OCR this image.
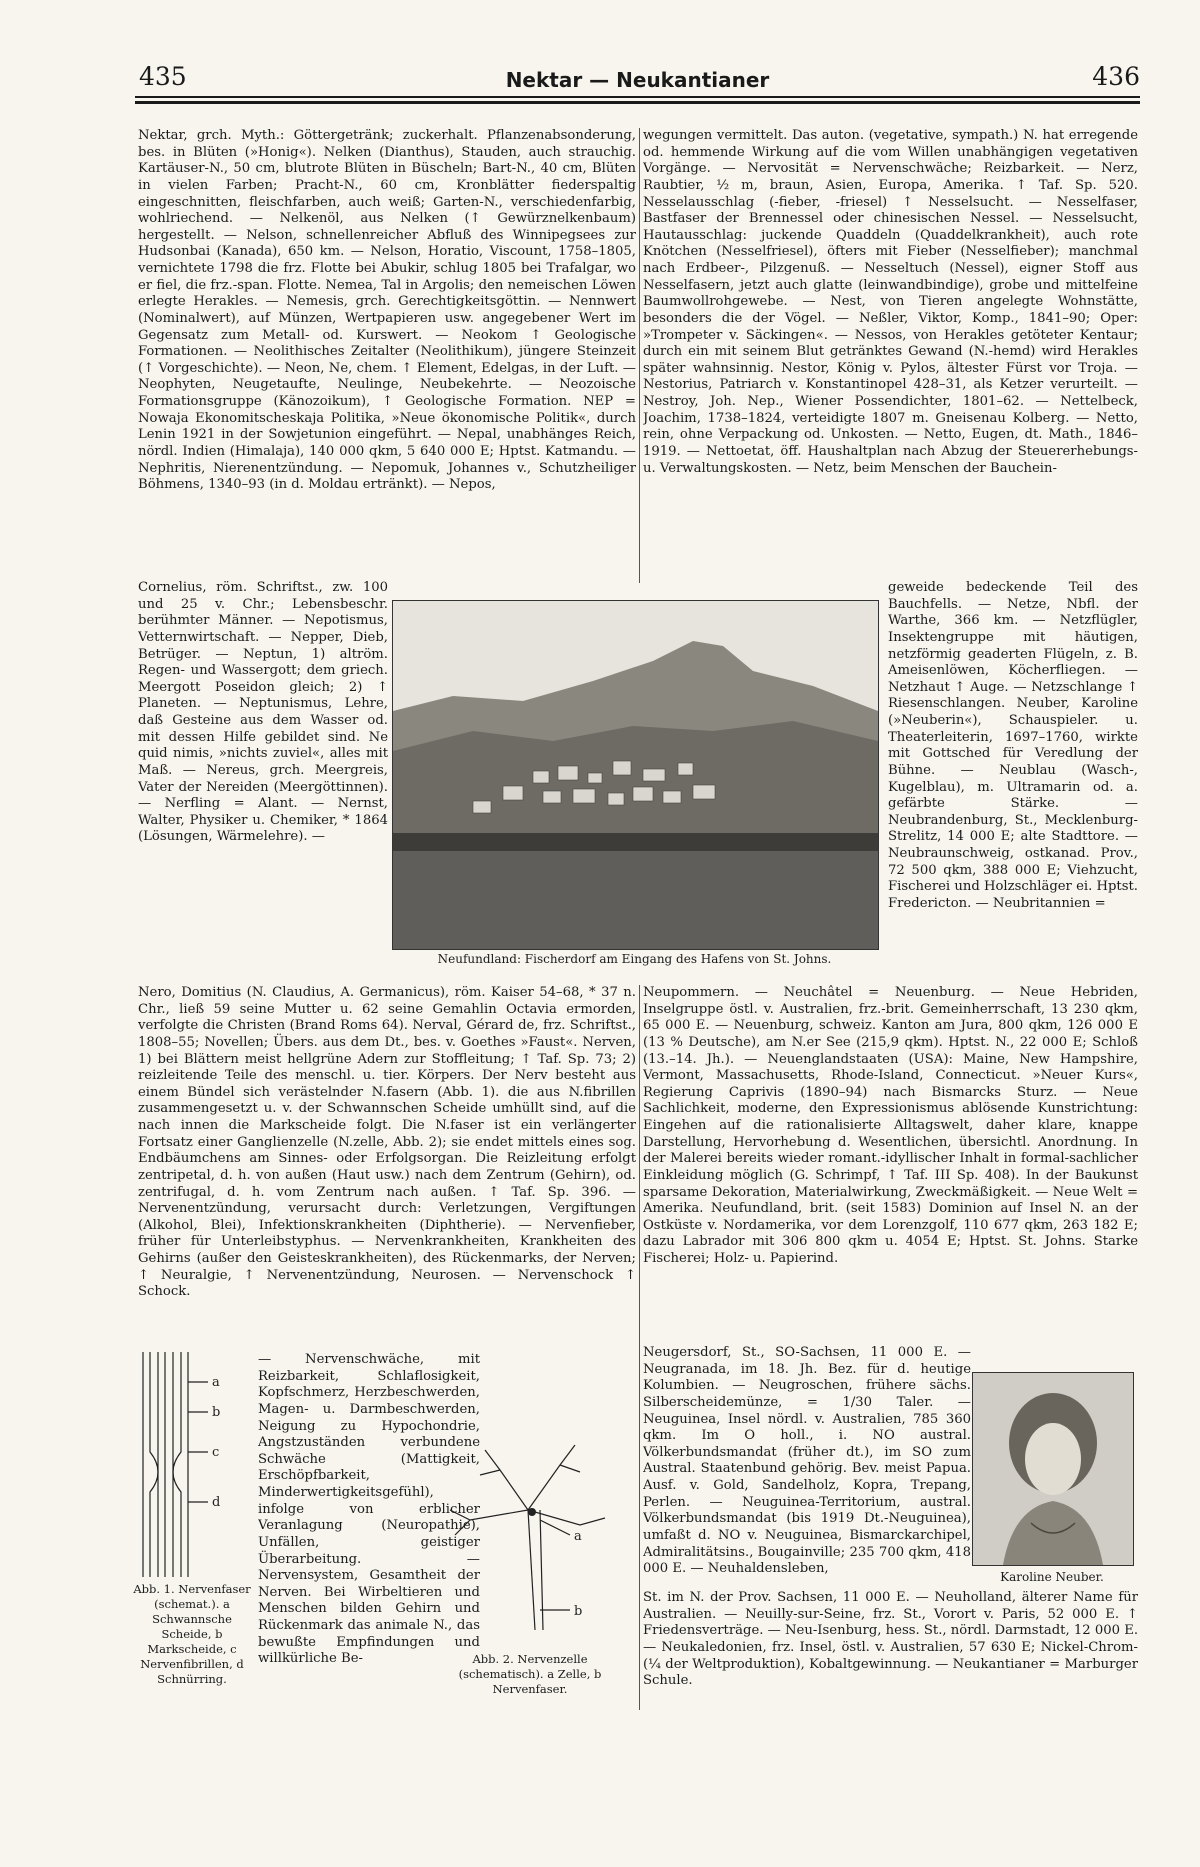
435	Nektar — Neukantianer	436

Nektar, grch. Myth.: Göttergetränk; zuckerhalt. Pflanzenabsonderung, bes. in Blüten (»Honig«). Nelken (Dianthus), Stauden, auch strauchig. Kartäuser-N., 50 cm, blutrote Blüten in Büscheln; Bart-N., 40 cm, Blüten in vielen Farben; Pracht-N., 60 cm, Kronblätter fiederspaltig eingeschnitten, fleischfarben, auch weiß; Garten-N., verschiedenfarbig, wohlriechend. — Nelkenöl, aus Nelken (↑ Gewürznelkenbaum) hergestellt. — Nelson, schnellenreicher Abfluß des Winnipegsees zur Hudsonbai (Kanada), 650 km. — Nelson, Horatio, Viscount, 1758–1805, vernichtete 1798 die frz. Flotte bei Abukir, schlug 1805 bei Trafalgar, wo er fiel, die frz.-span. Flotte. Nemea, Tal in Argolis; den nemeischen Löwen erlegte Herakles. — Nemesis, grch. Gerechtigkeitsgöttin. — Nennwert (Nominalwert), auf Münzen, Wertpapieren usw. angegebener Wert im Gegensatz zum Metall- od. Kurswert. — Neokom ↑ Geologische Formationen. — Neolithisches Zeitalter (Neolithikum), jüngere Steinzeit (↑ Vorgeschichte). — Neon, Ne, chem. ↑ Element, Edelgas, in der Luft. — Neophyten, Neugetaufte, Neulinge, Neubekehrte. — Neozoische Formationsgruppe (Känozoikum), ↑ Geologische Formation. NEP = Nowaja Ekonomitscheskaja Politika, »Neue ökonomische Politik«, durch Lenin 1921 in der Sowjetunion eingeführt. — Nepal, unabhänges Reich, nördl. Indien (Himalaja), 140 000 qkm, 5 640 000 E; Hptst. Katmandu. — Nephritis, Nierenentzündung. — Nepomuk, Johannes v., Schutzheiliger Böhmens, 1340–93 (in d. Moldau ertränkt). — Nepos,

wegungen vermittelt. Das auton. (vegetative, sympath.) N. hat erregende od. hemmende Wirkung auf die vom Willen unabhängigen vegetativen Vorgänge. — Nervosität = Nervenschwäche; Reizbarkeit. — Nerz, Raubtier, ½ m, braun, Asien, Europa, Amerika. ↑ Taf. Sp. 520. Nesselausschlag (-fieber, -friesel) ↑ Nesselsucht. — Nesselfaser, Bastfaser der Brennessel oder chinesischen Nessel. — Nesselsucht, Hautausschlag: juckende Quaddeln (Quaddelkrankheit), auch rote Knötchen (Nesselfriesel), öfters mit Fieber (Nesselfieber); manchmal nach Erdbeer-, Pilzgenuß. — Nesseltuch (Nessel), eigner Stoff aus Nesselfasern, jetzt auch glatte (leinwandbindige), grobe und mittelfeine Baumwollrohgewebe. — Nest, von Tieren angelegte Wohnstätte, besonders die der Vögel. — Neßler, Viktor, Komp., 1841–90; Oper: »Trompeter v. Säckingen«. — Nessos, von Herakles getöteter Kentaur; durch ein mit seinem Blut getränktes Gewand (N.-hemd) wird Herakles später wahnsinnig. Nestor, König v. Pylos, ältester Fürst vor Troja. — Nestorius, Patriarch v. Konstantinopel 428–31, als Ketzer verurteilt. — Nestroy, Joh. Nep., Wiener Possendichter, 1801–62. — Nettelbeck, Joachim, 1738–1824, verteidigte 1807 m. Gneisenau Kolberg. — Netto, rein, ohne Verpackung od. Unkosten. — Netto, Eugen, dt. Math., 1846–1919. — Nettoetat, öff. Haushaltplan nach Abzug der Steuererhebungs- u. Verwaltungskosten. — Netz, beim Menschen der Bauchein-

Cornelius, röm. Schriftst., zw. 100 und 25 v. Chr.; Lebensbeschr. berühmter Männer. — Nepotismus, Vetternwirtschaft. — Nepper, Dieb, Betrüger. — Neptun, 1) altröm. Regen- und Wassergott; dem griech. Meergott Poseidon gleich; 2) ↑ Planeten. — Neptunismus, Lehre, daß Gesteine aus dem Wasser od. mit dessen Hilfe gebildet sind. Ne quid nimis, »nichts zuviel«, alles mit Maß. — Nereus, grch. Meergreis, Vater der Nereiden (Meergöttinnen). — Nerfling = Alant. — Nernst, Walter, Physiker u. Chemiker, * 1864 (Lösungen, Wärmelehre). —

geweide bedeckende Teil des Bauchfells. — Netze, Nbfl. der Warthe, 366 km. — Netzflügler, Insektengruppe mit häutigen, netzförmig geaderten Flügeln, z. B. Ameisenlöwen, Köcherfliegen. — Netzhaut ↑ Auge. — Netzschlange ↑ Riesenschlangen. Neuber, Karoline (»Neuberin«), Schauspieler. u. Theaterleiterin, 1697–1760, wirkte mit Gottsched für Veredlung der Bühne. — Neublau (Wasch-, Kugelblau), m. Ultramarin od. a. gefärbte Stärke. — Neubrandenburg, St., Mecklenburg-Strelitz, 14 000 E; alte Stadttore. — Neubraunschweig, ostkanad. Prov., 72 500 qkm, 388 000 E; Viehzucht, Fischerei und Holzschläger ei. Hptst. Fredericton. — Neubritannien =

Neufundland: Fischerdorf am Eingang des Hafens von St. Johns.

Nero, Domitius (N. Claudius, A. Germanicus), röm. Kaiser 54–68, * 37 n. Chr., ließ 59 seine Mutter u. 62 seine Gemahlin Octavia ermorden, verfolgte die Christen (Brand Roms 64). Nerval, Gérard de, frz. Schriftst., 1808–55; Novellen; Übers. aus dem Dt., bes. v. Goethes »Faust«. Nerven, 1) bei Blättern meist hellgrüne Adern zur Stoffleitung; ↑ Taf. Sp. 73; 2) reizleitende Teile des menschl. u. tier. Körpers. Der Nerv besteht aus einem Bündel sich verästelnder N.fasern (Abb. 1). die aus N.fibrillen zusammengesetzt u. v. der Schwannschen Scheide umhüllt sind, auf die nach innen die Markscheide folgt. Die N.faser ist ein verlängerter Fortsatz einer Ganglienzelle (N.zelle, Abb. 2); sie endet mittels eines sog. Endbäumchens am Sinnes- oder Erfolgsorgan. Die Reizleitung erfolgt zentripetal, d. h. von außen (Haut usw.) nach dem Zentrum (Gehirn), od. zentrifugal, d. h. vom Zentrum nach außen. ↑ Taf. Sp. 396. — Nervenentzündung, verursacht durch: Verletzungen, Vergiftungen (Alkohol, Blei), Infektionskrankheiten (Diphtherie). — Nervenfieber, früher für Unterleibstyphus. — Nervenkrankheiten, Krankheiten des Gehirns (außer den Geisteskrankheiten), des Rückenmarks, der Nerven; ↑ Neuralgie, ↑ Nervenentzündung, Neurosen. — Nervenschock ↑ Schock.

Neupommern. — Neuchâtel = Neuenburg. — Neue Hebriden, Inselgruppe östl. v. Australien, frz.-brit. Gemeinherrschaft, 13 230 qkm, 65 000 E. — Neuenburg, schweiz. Kanton am Jura, 800 qkm, 126 000 E (13 % Deutsche), am N.er See (215,9 qkm). Hptst. N., 22 000 E; Schloß (13.–14. Jh.). — Neuenglandstaaten (USA): Maine, New Hampshire, Vermont, Massachusetts, Rhode-Island, Connecticut. »Neuer Kurs«, Regierung Caprivis (1890–94) nach Bismarcks Sturz. — Neue Sachlichkeit, moderne, den Expressionismus ablösende Kunstrichtung: Eingehen auf die rationalisierte Alltagswelt, daher klare, knappe Darstellung, Hervorhebung d. Wesentlichen, übersichtl. Anordnung. In der Malerei bereits wieder romant.-idyllischer Inhalt in formal-sachlicher Einkleidung möglich (G. Schrimpf, ↑ Taf. III Sp. 408). In der Baukunst sparsame Dekoration, Materialwirkung, Zweckmäßigkeit. — Neue Welt = Amerika. Neufundland, brit. (seit 1583) Dominion auf Insel N. an der Ostküste v. Nordamerika, vor dem Lorenzgolf, 110 677 qkm, 263 182 E; dazu Labrador mit 306 800 qkm u. 4054 E; Hptst. St. Johns. Starke Fischerei; Holz- u. Papierind.

a
b
c
d
Abb. 1. Nervenfaser (schemat.). a Schwannsche Scheide, b Markscheide, c Nervenfibrillen, d Schnürring.

— Nervenschwäche, mit Reizbarkeit, Schlaflosigkeit, Kopfschmerz, Herzbeschwerden, Magen- u. Darmbeschwerden, Neigung zu Hypochondrie, Angstzuständen verbundene Schwäche (Mattigkeit, Erschöpfbarkeit, Minderwertigkeitsgefühl), infolge von erblicher Veranlagung (Neuropathie), Unfällen, geistiger Überarbeitung. — Nervensystem, Gesamtheit der Nerven. Bei Wirbeltieren und Menschen bilden Gehirn und Rückenmark das animale N., das bewußte Empfindungen und willkürliche Be-

a
b
Abb. 2. Nervenzelle (schematisch). a Zelle, b Nervenfaser.

Neugersdorf, St., SO-Sachsen, 11 000 E. — Neugranada, im 18. Jh. Bez. für d. heutige Kolumbien. — Neugroschen, frühere sächs. Silberscheidemünze, = 1/30 Taler. — Neuguinea, Insel nördl. v. Australien, 785 360 qkm. Im O holl., i. NO austral. Völkerbundsmandat (früher dt.), im SO zum Austral. Staatenbund gehörig. Bev. meist Papua. Ausf. v. Gold, Sandelholz, Kopra, Trepang, Perlen. — Neuguinea-Territorium, austral. Völkerbundsmandat (bis 1919 Dt.-Neuguinea), umfaßt d. NO v. Neuguinea, Bismarckarchipel, Admiralitätsins., Bougainville; 235 700 qkm, 418 000 E. — Neuhaldensleben,

Karoline Neuber.

St. im N. der Prov. Sachsen, 11 000 E. — Neuholland, älterer Name für Australien. — Neuilly-sur-Seine, frz. St., Vorort v. Paris, 52 000 E. ↑ Friedensverträge. — Neu-Isenburg, hess. St., nördl. Darmstadt, 12 000 E. — Neukaledonien, frz. Insel, östl. v. Australien, 57 630 E; Nickel-Chrom- (¼ der Weltproduktion), Kobaltgewinnung. — Neukantianer = Marburger Schule.
